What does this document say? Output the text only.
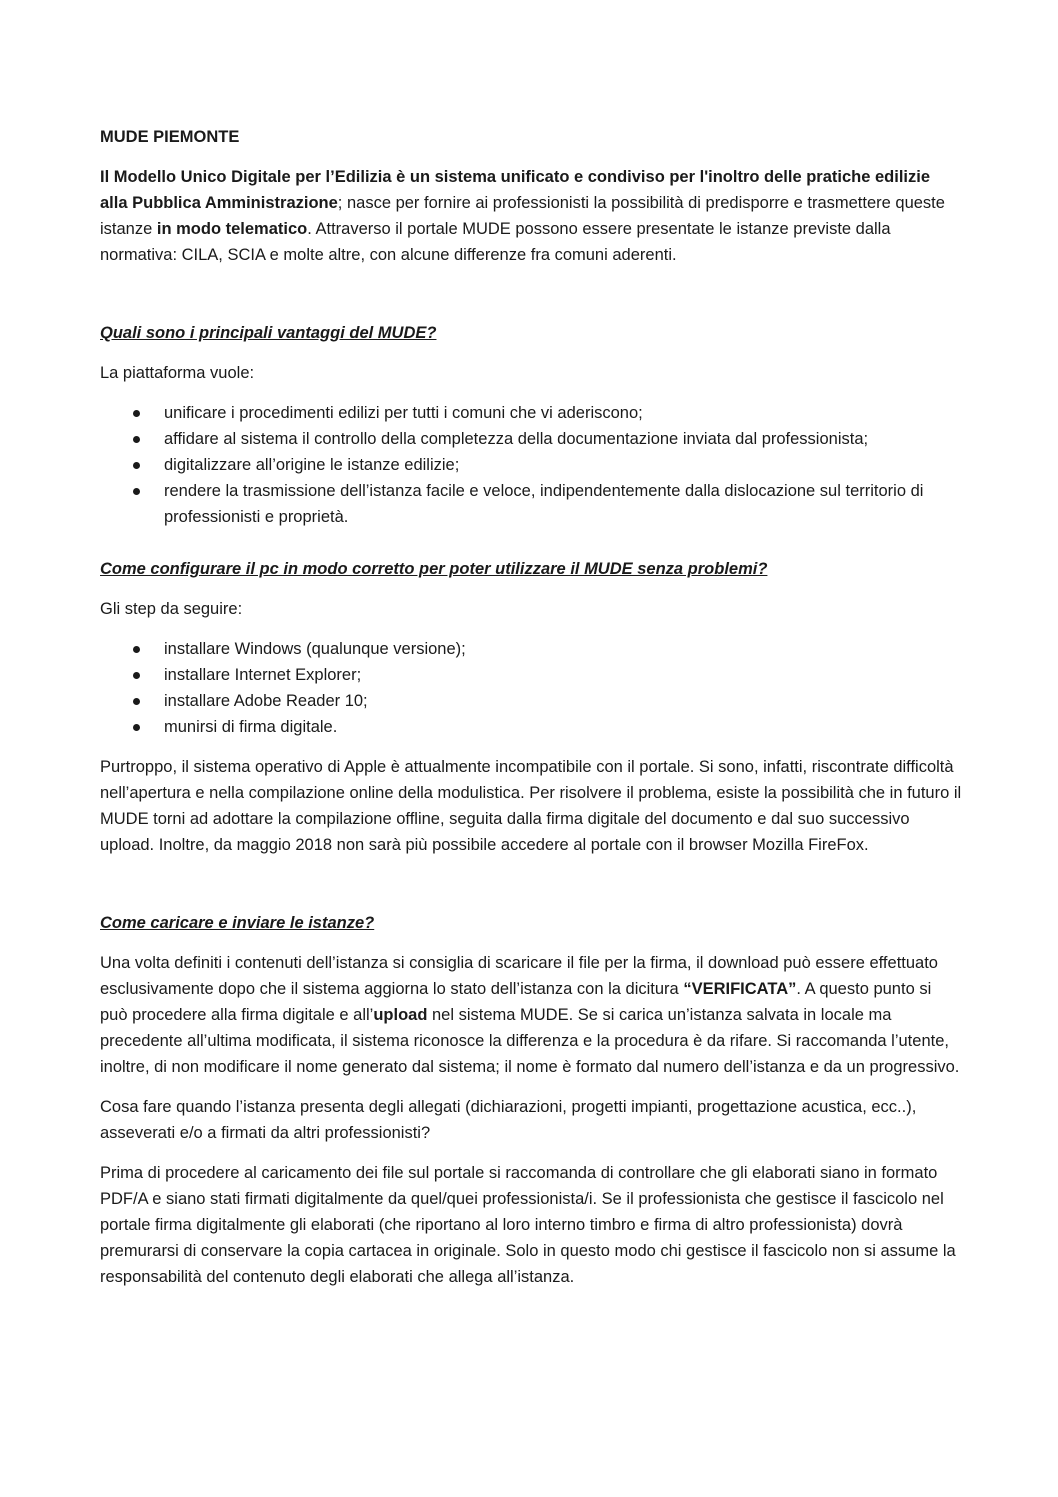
MUDE PIEMONTE

Il Modello Unico Digitale per l’Edilizia è un sistema unificato e condiviso per l'inoltro delle pratiche edilizie alla Pubblica Amministrazione; nasce per fornire ai professionisti la possibilità di predisporre e trasmettere queste istanze in modo telematico. Attraverso il portale MUDE possono essere presentate le istanze previste dalla normativa: CILA, SCIA e molte altre, con alcune differenze fra comuni aderenti.

Quali sono i principali vantaggi del MUDE?

La piattaforma vuole:

unificare i procedimenti edilizi per tutti i comuni che vi aderiscono;
affidare al sistema il controllo della completezza della documentazione inviata dal professionista;
digitalizzare all’origine le istanze edilizie;
rendere la trasmissione dell’istanza facile e veloce, indipendentemente dalla dislocazione sul territorio di professionisti e proprietà.
Come configurare il pc in modo corretto per poter utilizzare il MUDE senza problemi?

Gli step da seguire:

installare Windows (qualunque versione);
installare Internet Explorer;
installare Adobe Reader 10;
munirsi di firma digitale.

Purtroppo, il sistema operativo di Apple è attualmente incompatibile con il portale. Si sono, infatti, riscontrate difficoltà nell’apertura e nella compilazione online della modulistica. Per risolvere il problema, esiste la possibilità che in futuro il MUDE torni ad adottare la compilazione offline, seguita dalla firma digitale del documento e dal suo successivo upload. Inoltre, da maggio 2018 non sarà più possibile accedere al portale con il browser Mozilla FireFox.

Come caricare e inviare le istanze?

Una volta definiti i contenuti dell’istanza si consiglia di scaricare il file per la firma, il download può essere effettuato esclusivamente dopo che il sistema aggiorna lo stato dell’istanza con la dicitura “VERIFICATA”. A questo punto si può procedere alla firma digitale e all’upload nel sistema MUDE. Se si carica un’istanza salvata in locale ma precedente all’ultima modificata, il sistema riconosce la differenza e la procedura è da rifare. Si raccomanda l’utente, inoltre, di non modificare il nome generato dal sistema; il nome è formato dal numero dell’istanza e da un progressivo.

Cosa fare quando l’istanza presenta degli allegati (dichiarazioni, progetti impianti, progettazione acustica, ecc..), asseverati e/o a firmati da altri professionisti?

Prima di procedere al caricamento dei file sul portale si raccomanda di controllare che gli elaborati siano in formato PDF/A e siano stati firmati digitalmente da quel/quei professionista/i. Se il professionista che gestisce il fascicolo nel portale firma digitalmente gli elaborati (che riportano al loro interno timbro e firma di altro professionista) dovrà premurarsi di conservare la copia cartacea in originale. Solo in questo modo chi gestisce il fascicolo non si assume la responsabilità del contenuto degli elaborati che allega all’istanza.
